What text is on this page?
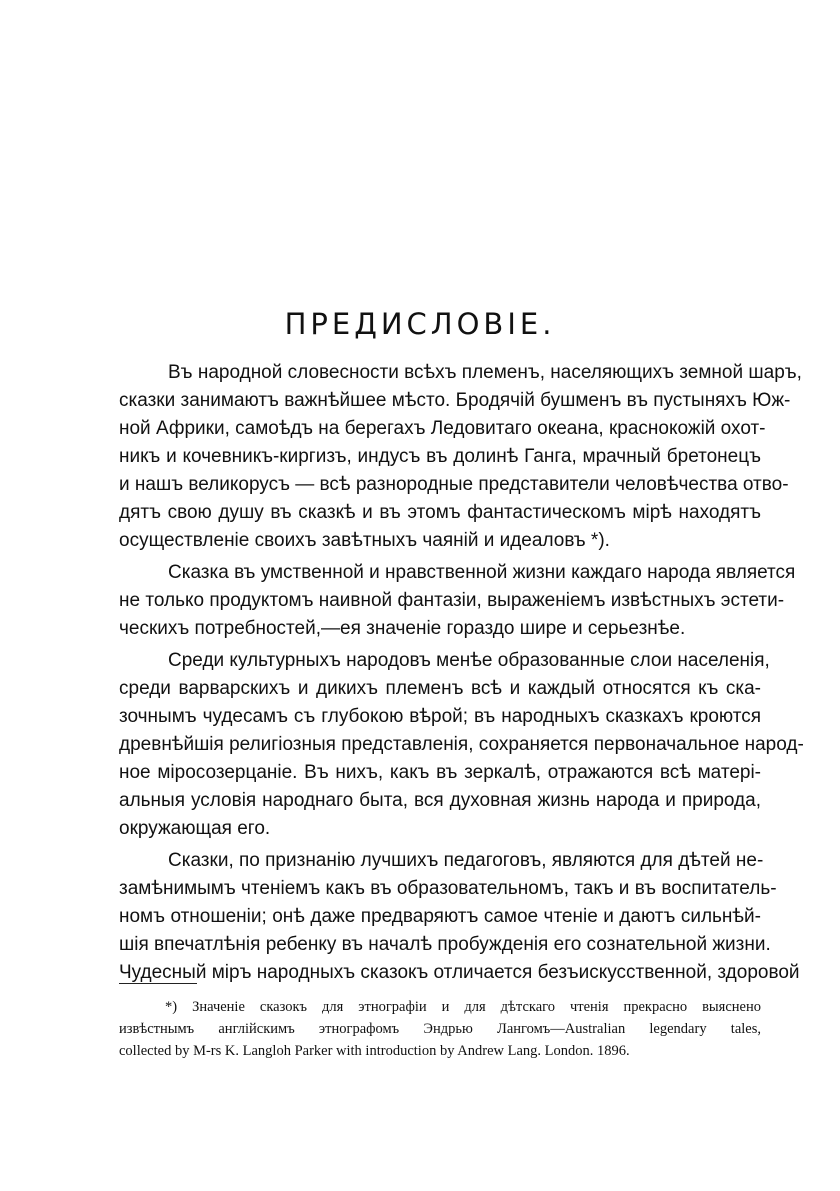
ПРЕДИСЛОВІЕ.
Въ народной словесности всѣхъ племенъ, населяющихъ земной шаръ,
сказки занимаютъ важнѣйшее мѣсто. Бродячій бушменъ въ пустыняхъ Юж-
ной Африки, самоѣдъ на берегахъ Ледовитаго океана, краснокожій охот-
никъ и кочевникъ-киргизъ, индусъ въ долинѣ Ганга, мрачный бретонецъ
и нашъ великорусъ — всѣ разнородные представители человѣчества отво-
дятъ свою душу въ сказкѣ и въ этомъ фантастическомъ мірѣ находятъ
осуществленіе своихъ завѣтныхъ чаяній и идеаловъ *).
Сказка въ умственной и нравственной жизни каждаго народа является
не только продуктомъ наивной фантазіи, выраженіемъ извѣстныхъ эстети-
ческихъ потребностей,—ея значеніе гораздо шире и серьезнѣе.
Среди культурныхъ народовъ менѣе образованные слои населенія,
среди варварскихъ и дикихъ племенъ всѣ и каждый относятся къ ска-
зочнымъ чудесамъ съ глубокою вѣрой; въ народныхъ сказкахъ кроются
древнѣйшія религіозныя представленія, сохраняется первоначальное народ-
ное міросозерцаніе. Въ нихъ, какъ въ зеркалѣ, отражаются всѣ матері-
альныя условія народнаго быта, вся духовная жизнь народа и природа,
окружающая его.
Сказки, по признанію лучшихъ педагоговъ, являются для дѣтей не-
замѣнимымъ чтеніемъ какъ въ образовательномъ, такъ и въ воспитатель-
номъ отношеніи; онѣ даже предваряютъ самое чтеніе и даютъ сильнѣй-
шія впечатлѣнія ребенку въ началѣ пробужденія его сознательной жизни.
Чудесный міръ народныхъ сказокъ отличается безъискусственной, здоровой
*) Значеніе сказокъ для этнографіи и для дѣтскаго чтенія прекрасно выяснено
извѣстнымъ англійскимъ этнографомъ Эндрью Лангомъ—Australian legendary tales,
collected by M-rs K. Langloh Parker with introduction by Andrew Lang. London. 1896.
